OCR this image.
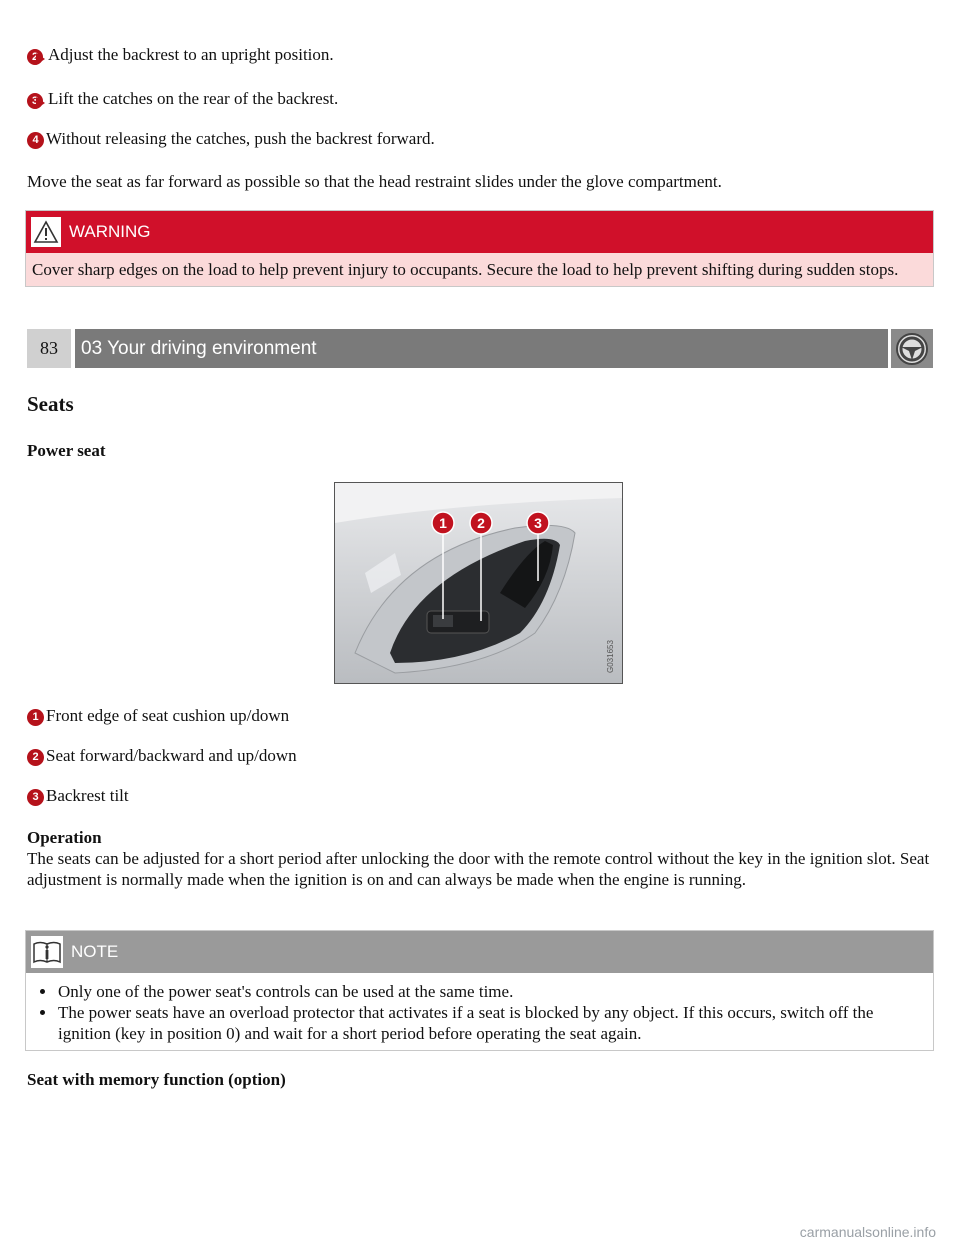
2 Adjust the backrest to an upright position.
3 Lift the catches on the rear of the backrest.
4 Without releasing the catches, push the backrest forward.
Move the seat as far forward as possible so that the head restraint slides under the glove compartment.
WARNING
Cover sharp edges on the load to help prevent injury to occupants. Secure the load to help prevent shifting during sudden stops.
83	03 Your driving environment
Seats
Power seat
1 2	3
G031653
1 Front edge of seat cushion up/down
2 Seat forward/backward and up/down
3 Backrest tilt
Operation
The seats can be adjusted for a short period after unlocking the door with the remote control without the key in the ignition slot. Seat adjustment is normally made when the ignition is on and can always be made when the engine is running.
NOTE
Only one of the power seat's controls can be used at the same time.
The power seats have an overload protector that activates if a seat is blocked by any object. If this occurs, switch off the ignition (key in position 0) and wait for a short period before operating the seat again.
Seat with memory function (option)
carmanualsonline.info
